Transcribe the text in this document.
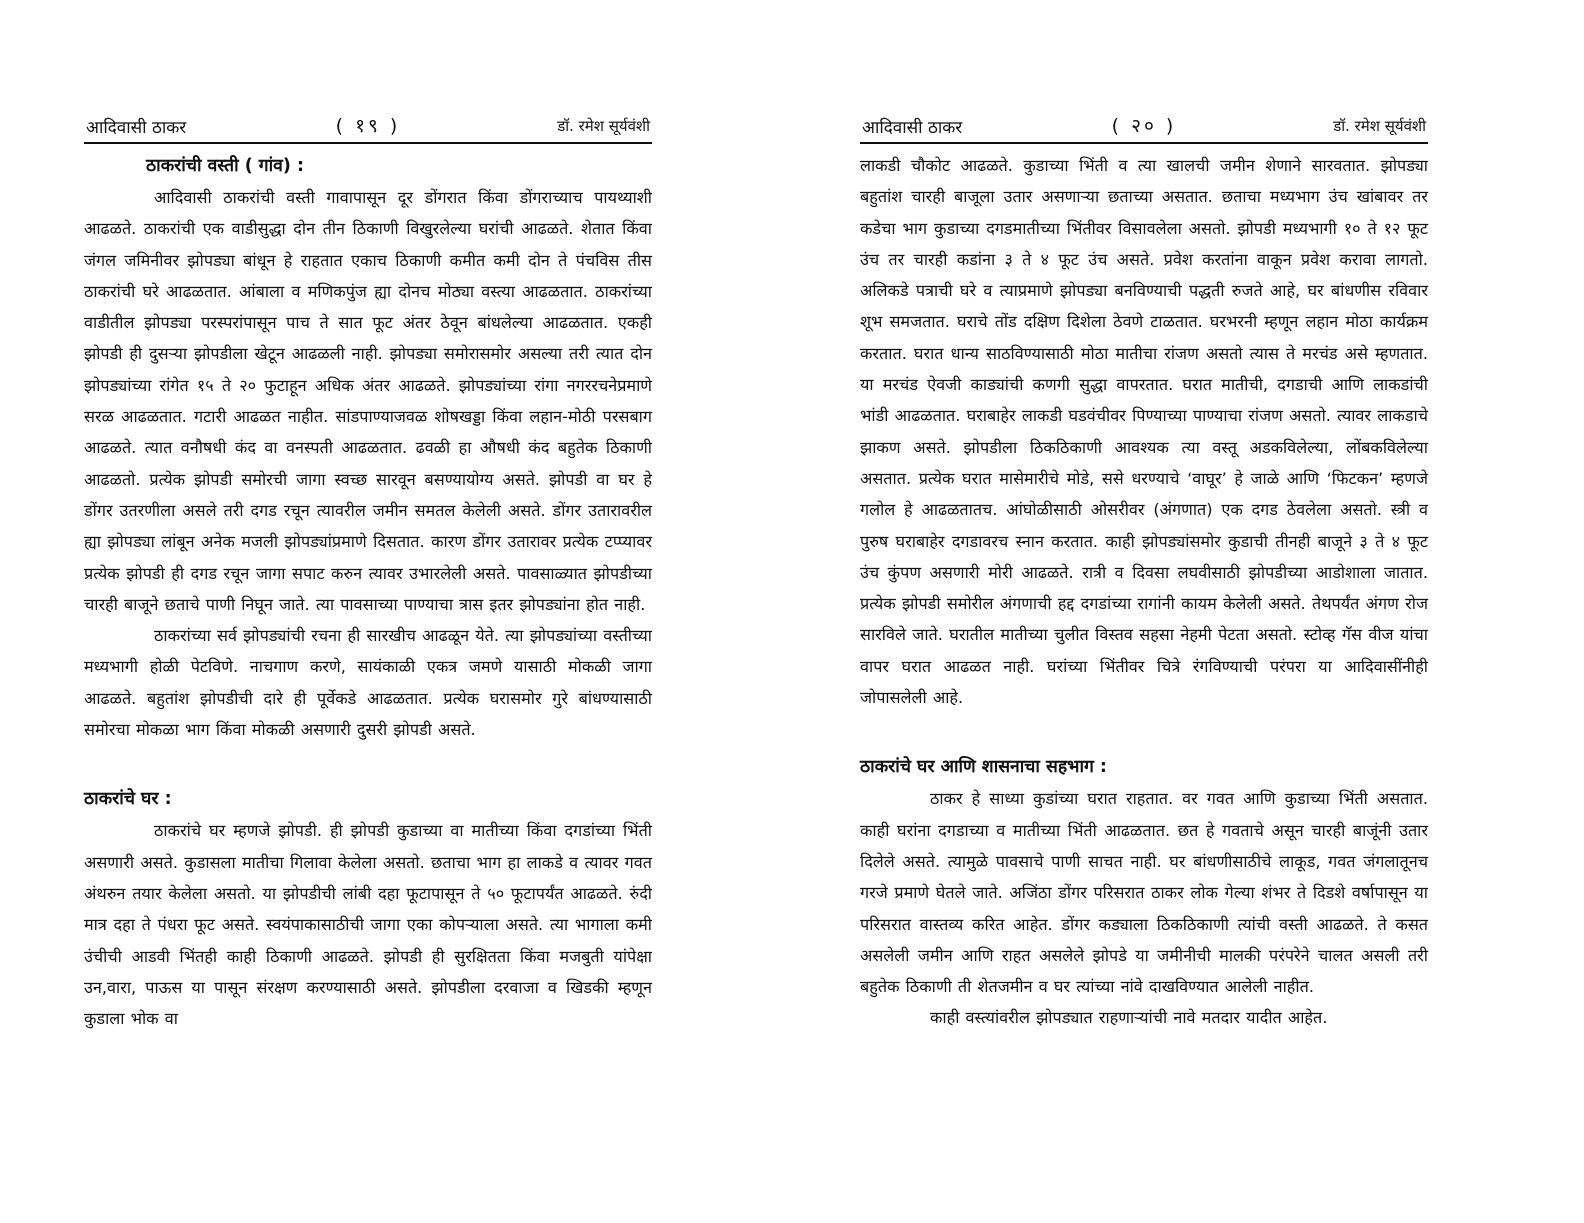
आदिवासी ठाकर	( १९ )	डॉ. रमेश सूर्यवंशी
ठाकरांची वस्ती ( गांव) :

आदिवासी ठाकरांची वस्ती गावापासून दूर डोंगरात किंवा डोंगराच्याच पायथ्याशी आढळते. ठाकरांची एक वाडीसुद्धा दोन तीन ठिकाणी विखुरलेल्या घरांची आढळते. शेतात किंवा जंगल जमिनीवर झोपड्या बांधून हे राहतात एकाच ठिकाणी कमीत कमी दोन ते पंचविस तीस ठाकरांची घरे आढळतात. आंबाला व मणिकपुंज ह्या दोनच मोठ्या वस्त्या आढळतात. ठाकरांच्या वाडीतील झोपड्या परस्परांपासून पाच ते सात फूट अंतर ठेवून बांधलेल्या आढळतात. एकही झोपडी ही दुसऱ्या झोपडीला खेटून आढळली नाही. झोपड्या समोरासमोर असल्या तरी त्यात दोन झोपड्यांच्या रांगेत १५ ते २० फुटाहून अधिक अंतर आढळते. झोपड्यांच्या रांगा नगररचनेप्रमाणे सरळ आढळतात. गटारी आढळत नाहीत. सांडपाण्याजवळ शोषखड्डा किंवा लहान-मोठी परसबाग आढळते. त्यात वनौषधी कंद वा वनस्पती आढळतात. ढवळी हा औषधी कंद बहुतेक ठिकाणी आढळतो. प्रत्येक झोपडी समोरची जागा स्वच्छ सारवून बसण्यायोग्य असते. झोपडी वा घर हे डोंगर उतरणीला असले तरी दगड रचून त्यावरील जमीन समतल केलेली असते. डोंगर उतारावरील ह्या झोपड्या लांबून अनेक मजली झोपड्यांप्रमाणे दिसतात. कारण डोंगर उतारावर प्रत्येक टप्प्यावर प्रत्येक झोपडी ही दगड रचून जागा सपाट करुन त्यावर उभारलेली असते. पावसाळ्यात झोपडीच्या चारही बाजूने छताचे पाणी निघून जाते. त्या पावसाच्या पाण्याचा त्रास इतर झोपड्यांना होत नाही.

ठाकरांच्या सर्व झोपड्यांची रचना ही सारखीच आढळून येते. त्या झोपड्यांच्या वस्तीच्या मध्यभागी होळी पेटविणे. नाचगाण करणे, सायंकाळी एकत्र जमणे यासाठी मोकळी जागा आढळते. बहुतांश झोपडीची दारे ही पूर्वेकडे आढळतात. प्रत्येक घरासमोर गुरे बांधण्यासाठी समोरचा मोकळा भाग किंवा मोकळी असणारी दुसरी झोपडी असते.

ठाकरांचे घर :

ठाकरांचे घर म्हणजे झोपडी. ही झोपडी कुडाच्या वा मातीच्या किंवा दगडांच्या भिंती असणारी असते. कुडासला मातीचा गिलावा केलेला असतो. छताचा भाग हा लाकडे व त्यावर गवत अंथरुन तयार केलेला असतो. या झोपडीची लांबी दहा फूटापासून ते ५० फूटापर्यंत आढळते. रुंदी मात्र दहा ते पंधरा फूट असते. स्वयंपाकासाठीची जागा एका कोपऱ्याला असते. त्या भागाला कमी उंचीची आडवी भिंतही काही ठिकाणी आढळते. झोपडी ही सुरक्षितता किंवा मजबुती यांपेक्षा उन,वारा, पाऊस या पासून संरक्षण करण्यासाठी असते. झोपडीला दरवाजा व खिडकी म्हणून कुडाला भोक वा

आदिवासी ठाकर	( २० )	डॉ. रमेश सूर्यवंशी

लाकडी चौकोट आढळते. कुडाच्या भिंती व त्या खालची जमीन शेणाने सारवतात. झोपड्या बहुतांश चारही बाजूला उतार असणाऱ्या छताच्या असतात. छताचा मध्यभाग उंच खांबावर तर कडेचा भाग कुडाच्या दगडमातीच्या भिंतीवर विसावलेला असतो. झोपडी मध्यभागी १० ते १२ फूट उंच तर चारही कडांना ३ ते ४ फूट उंच असते. प्रवेश करतांना वाकून प्रवेश करावा लागतो. अलिकडे पत्राची घरे व त्याप्रमाणे झोपड्या बनविण्याची पद्धती रुजते आहे, घर बांधणीस रविवार शूभ समजतात. घराचे तोंड दक्षिण दिशेला ठेवणे टाळतात. घरभरनी म्हणून लहान मोठा कार्यक्रम करतात. घरात धान्य साठविण्यासाठी मोठा मातीचा रांजण असतो त्यास ते मरचंड असे म्हणतात. या मरचंड ऐवजी काड्यांची कणगी सुद्धा वापरतात. घरात मातीची, दगडाची आणि लाकडांची भांडी आढळतात. घराबाहेर लाकडी घडवंचीवर पिण्याच्या पाण्याचा रांजण असतो. त्यावर लाकडाचे झाकण असते. झोपडीला ठिकठिकाणी आवश्यक त्या वस्तू अडकविलेल्या, लोंबकविलेल्या असतात. प्रत्येक घरात मासेमारीचे मोडे, ससे धरण्याचे ‘वाघूर’ हे जाळे आणि ‘फिटकन’ म्हणजे गलोल हे आढळतातच. आंघोळीसाठी ओसरीवर (अंगणात) एक दगड ठेवलेला असतो. स्त्री व पुरुष घराबाहेर दगडावरच स्नान करतात. काही झोपड्यांसमोर कुडाची तीनही बाजूने ३ ते ४ फूट उंच कुंपण असणारी मोरी आढळते. रात्री व दिवसा लघवीसाठी झोपडीच्या आडोशाला जातात. प्रत्येक झोपडी समोरील अंगणाची हद्द दगडांच्या रागांनी कायम केलेली असते. तेथपर्यंत अंगण रोज सारविले जाते. घरातील मातीच्या चुलीत विस्तव सहसा नेहमी पेटता असतो. स्टोव्ह गॅस वीज यांचा वापर घरात आढळत नाही. घरांच्या भिंतीवर चित्रे रंगविण्याची परंपरा या आदिवासींनीही जोपासलेली आहे.

ठाकरांचे घर आणि शासनाचा सहभाग :

ठाकर हे साध्या कुडांच्या घरात राहतात. वर गवत आणि कुडाच्या भिंती असतात. काही घरांना दगडाच्या व मातीच्या भिंती आढळतात. छत हे गवताचे असून चारही बाजूंनी उतार दिलेले असते. त्यामुळे पावसाचे पाणी साचत नाही. घर बांधणीसाठीचे लाकूड, गवत जंगलातूनच गरजे प्रमाणे घेतले जाते. अजिंठा डोंगर परिसरात ठाकर लोक गेल्या शंभर ते दिडशे वर्षापासून या परिसरात वास्तव्य करित आहेत. डोंगर कड्याला ठिकठिकाणी त्यांची वस्ती आढळते. ते कसत असलेली जमीन आणि राहत असलेले झोपडे या जमीनीची मालकी परंपरेने चालत असली तरी बहुतेक ठिकाणी ती शेतजमीन व घर त्यांच्या नांवे दाखविण्यात आलेली नाहीत.

काही वस्त्यांवरील झोपड्यात राहणाऱ्यांची नावे मतदार यादीत आहेत.
